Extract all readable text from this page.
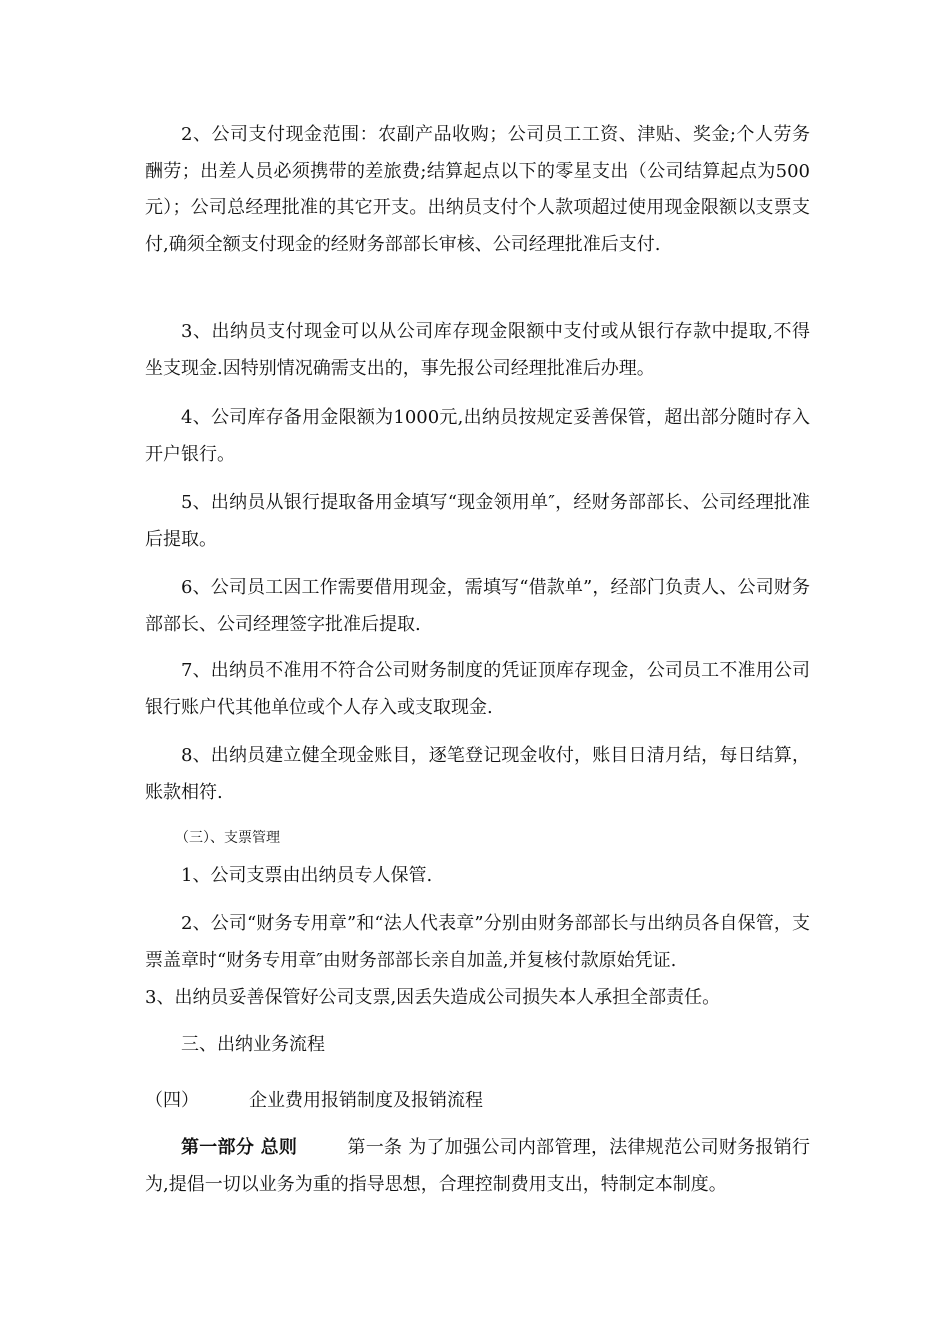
2、公司支付现金范围：农副产品收购；公司员工工资、津贴、奖金;个人劳务酬劳；出差人员必须携带的差旅费;结算起点以下的零星支出（公司结算起点为500元）；公司总经理批准的其它开支。出纳员支付个人款项超过使用现金限额以支票支付,确须全额支付现金的经财务部部长审核、公司经理批准后支付.

3、出纳员支付现金可以从公司库存现金限额中支付或从银行存款中提取,不得坐支现金.因特别情况确需支出的，事先报公司经理批准后办理。

4、公司库存备用金限额为1000元,出纳员按规定妥善保管，超出部分随时存入开户银行。

5、出纳员从银行提取备用金填写“现金领用单″，经财务部部长、公司经理批准后提取。

6、公司员工因工作需要借用现金，需填写“借款单”，经部门负责人、公司财务部部长、公司经理签字批准后提取.

7、出纳员不准用不符合公司财务制度的凭证顶库存现金，公司员工不准用公司银行账户代其他单位或个人存入或支取现金.

8、出纳员建立健全现金账目，逐笔登记现金收付，账目日清月结，每日结算，账款相符.

（三）、支票管理

1、公司支票由出纳员专人保管.

2、公司“财务专用章”和“法人代表章”分别由财务部部长与出纳员各自保管，支票盖章时“财务专用章″由财务部部长亲自加盖,并复核付款原始凭证.

3、出纳员妥善保管好公司支票,因丢失造成公司损失本人承担全部责任。

三、出纳业务流程

（四）	企业费用报销制度及报销流程

第一部分 总则	第一条 为了加强公司内部管理，法律规范公司财务报销行为,提倡一切以业务为重的指导思想，合理控制费用支出，特制定本制度。
